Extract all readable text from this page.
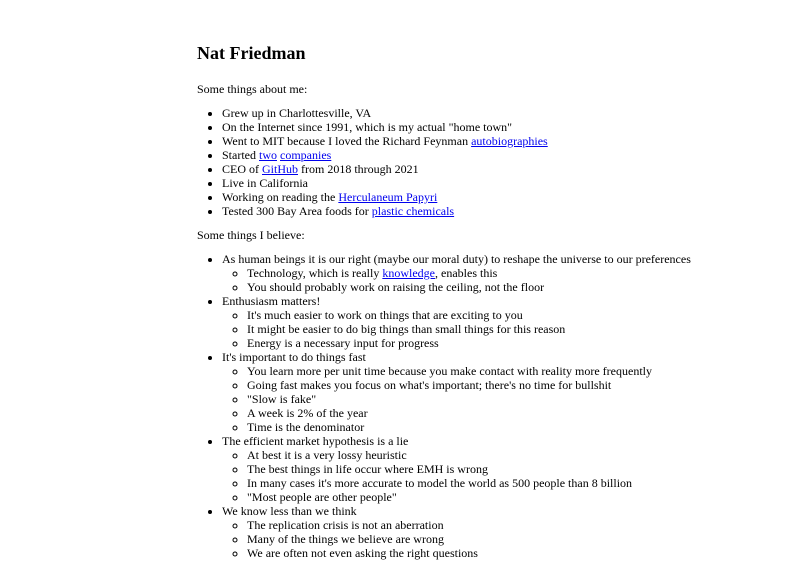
Nat Friedman

Some things about me:

• Grew up in Charlottesville, VA
• On the Internet since 1991, which is my actual "home town"
• Went to MIT because I loved the Richard Feynman autobiographies
• Started two companies
• CEO of GitHub from 2018 through 2021
• Live in California
• Working on reading the Herculaneum Papyri
• Tested 300 Bay Area foods for plastic chemicals

Some things I believe:

• As human beings it is our right (maybe our moral duty) to reshape the universe to our preferences
◦ Technology, which is really knowledge, enables this
◦ You should probably work on raising the ceiling, not the floor
• Enthusiasm matters!
◦ It's much easier to work on things that are exciting to you
◦ It might be easier to do big things than small things for this reason
◦ Energy is a necessary input for progress
• It's important to do things fast
◦ You learn more per unit time because you make contact with reality more frequently
◦ Going fast makes you focus on what's important; there's no time for bullshit
◦ "Slow is fake"
◦ A week is 2% of the year
◦ Time is the denominator
• The efficient market hypothesis is a lie
◦ At best it is a very lossy heuristic
◦ The best things in life occur where EMH is wrong
◦ In many cases it's more accurate to model the world as 500 people than 8 billion
◦ "Most people are other people"
• We know less than we think
◦ The replication crisis is not an aberration
◦ Many of the things we believe are wrong
◦ We are often not even asking the right questions
